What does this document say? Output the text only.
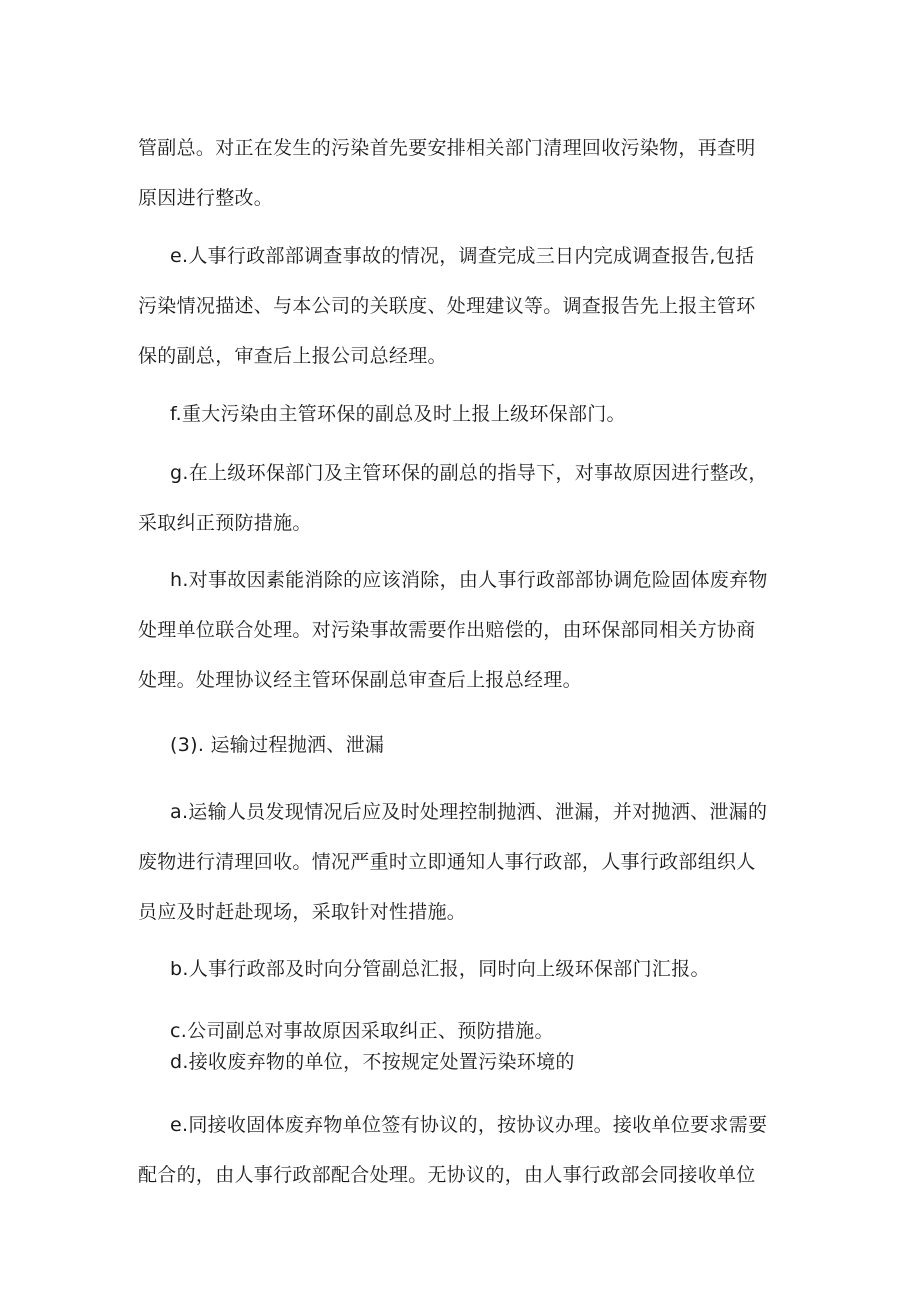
管副总。对正在发生的污染首先要安排相关部门清理回收污染物，再查明
原因进行整改。
e.人事行政部部调查事故的情况，调查完成三日内完成调查报告,包括
污染情况描述、与本公司的关联度、处理建议等。调查报告先上报主管环
保的副总，审查后上报公司总经理。
f.重大污染由主管环保的副总及时上报上级环保部门。
g.在上级环保部门及主管环保的副总的指导下，对事故原因进行整改，
采取纠正预防措施。
h.对事故因素能消除的应该消除，由人事行政部部协调危险固体废弃物
处理单位联合处理。对污染事故需要作出赔偿的，由环保部同相关方协商
处理。处理协议经主管环保副总审查后上报总经理。
(3). 运输过程抛洒、泄漏
a.运输人员发现情况后应及时处理控制抛洒、泄漏，并对抛洒、泄漏的
废物进行清理回收。情况严重时立即通知人事行政部，人事行政部组织人
员应及时赶赴现场，采取针对性措施。
b.人事行政部及时向分管副总汇报，同时向上级环保部门汇报。
c.公司副总对事故原因采取纠正、预防措施。
d.接收废弃物的单位，不按规定处置污染环境的
e.同接收固体废弃物单位签有协议的，按协议办理。接收单位要求需要
配合的，由人事行政部配合处理。无协议的，由人事行政部会同接收单位
